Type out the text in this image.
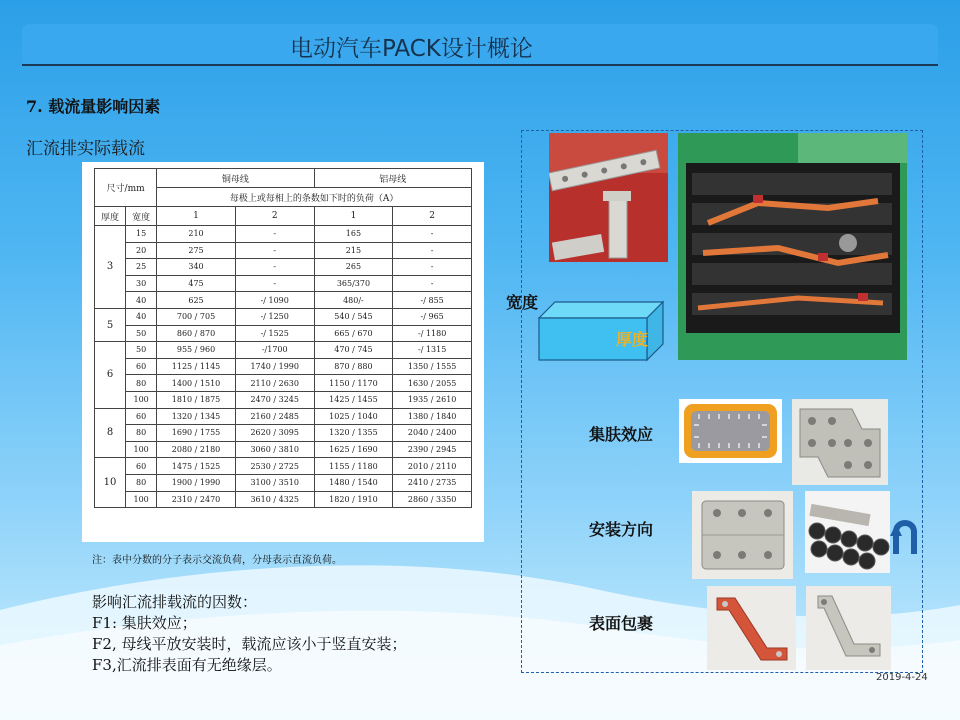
电动汽车PACK设计概论
7. 载流量影响因素
汇流排实际载流
尺寸/mm		铜母线		铝母线	
		每极上或每相上的条数如下时的负荷（A）			
厚度	宽度	1	2	1	2
3	15	210	-	165	-
	20	275	-	215	-
	25	340	-	265	-
	30	475	-	365/370	-
	40	625	-/ 1090	480/-	-/ 855
5	40	700 / 705	-/ 1250	540 / 545	-/ 965
	50	860 / 870	-/ 1525	665 / 670	-/ 1180
6	50	955 / 960	-/1700	470 / 745	-/ 1315
	60	1125 / 1145	1740 / 1990	870 / 880	1350 / 1555
	80	1400 / 1510	2110 / 2630	1150 / 1170	1630 / 2055
	100	1810 / 1875	2470 / 3245	1425 / 1455	1935 / 2610
8	60	1320 / 1345	2160 / 2485	1025 / 1040	1380 / 1840
	80	1690 / 1755	2620 / 3095	1320 / 1355	2040 / 2400
	100	2080 / 2180	3060 / 3810	1625 / 1690	2390 / 2945
10	60	1475 / 1525	2530 / 2725	1155 / 1180	2010 / 2110
	80	1900 / 1990	3100 / 3510	1480 / 1540	2410 / 2735
	100	2310 / 2470	3610 / 4325	1820 / 1910	2860 / 3350
注：表中分数的分子表示交流负荷，分母表示直流负荷。
影响汇流排载流的因数：
F1: 集肤效应；
F2, 母线平放安装时，载流应该小于竖直安装；
F3,汇流排表面有无绝缘层。
宽度
厚度
集肤效应
安装方向
表面包裹
2019-4-24
